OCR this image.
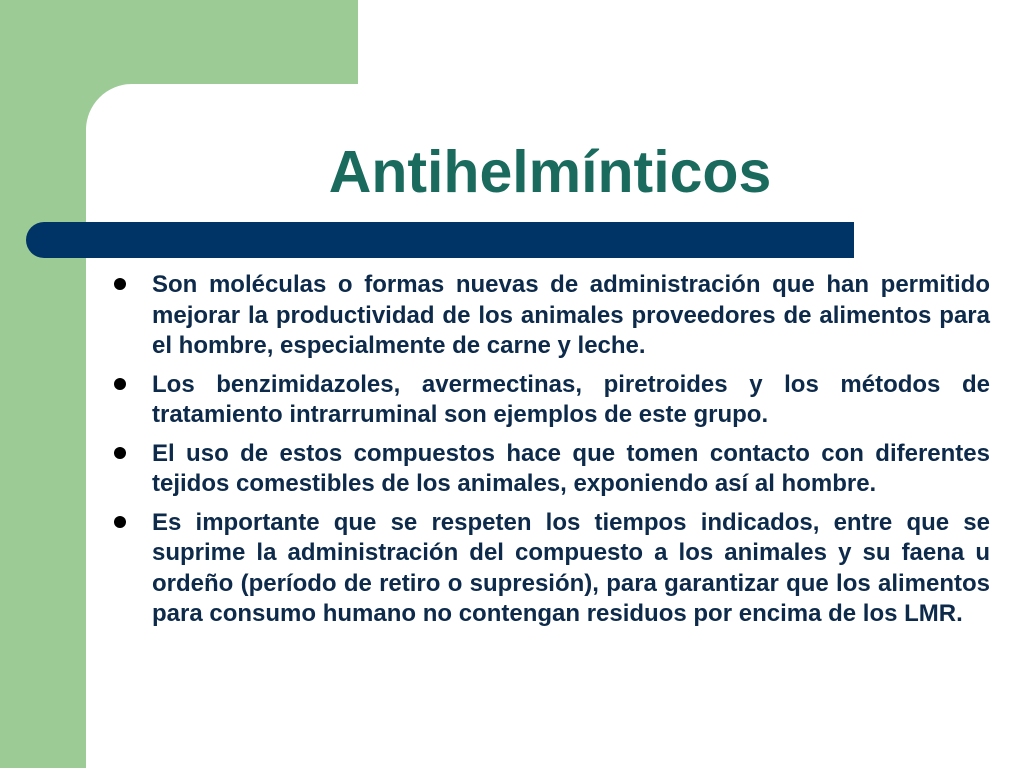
Antihelmínticos
Son moléculas o formas nuevas de administración que han permitido mejorar la productividad de los animales proveedores de alimentos para el hombre, especialmente de carne y leche.
Los benzimidazoles, avermectinas, piretroides y los métodos de tratamiento intrarruminal son ejemplos de este grupo.
El uso de estos compuestos hace que tomen contacto con diferentes tejidos comestibles de los animales, exponiendo así al hombre.
Es importante que se respeten los tiempos indicados, entre que se suprime la administración del compuesto a los animales y su faena u ordeño (período de retiro o supresión), para garantizar que los alimentos para consumo humano no contengan residuos por encima de los LMR.
